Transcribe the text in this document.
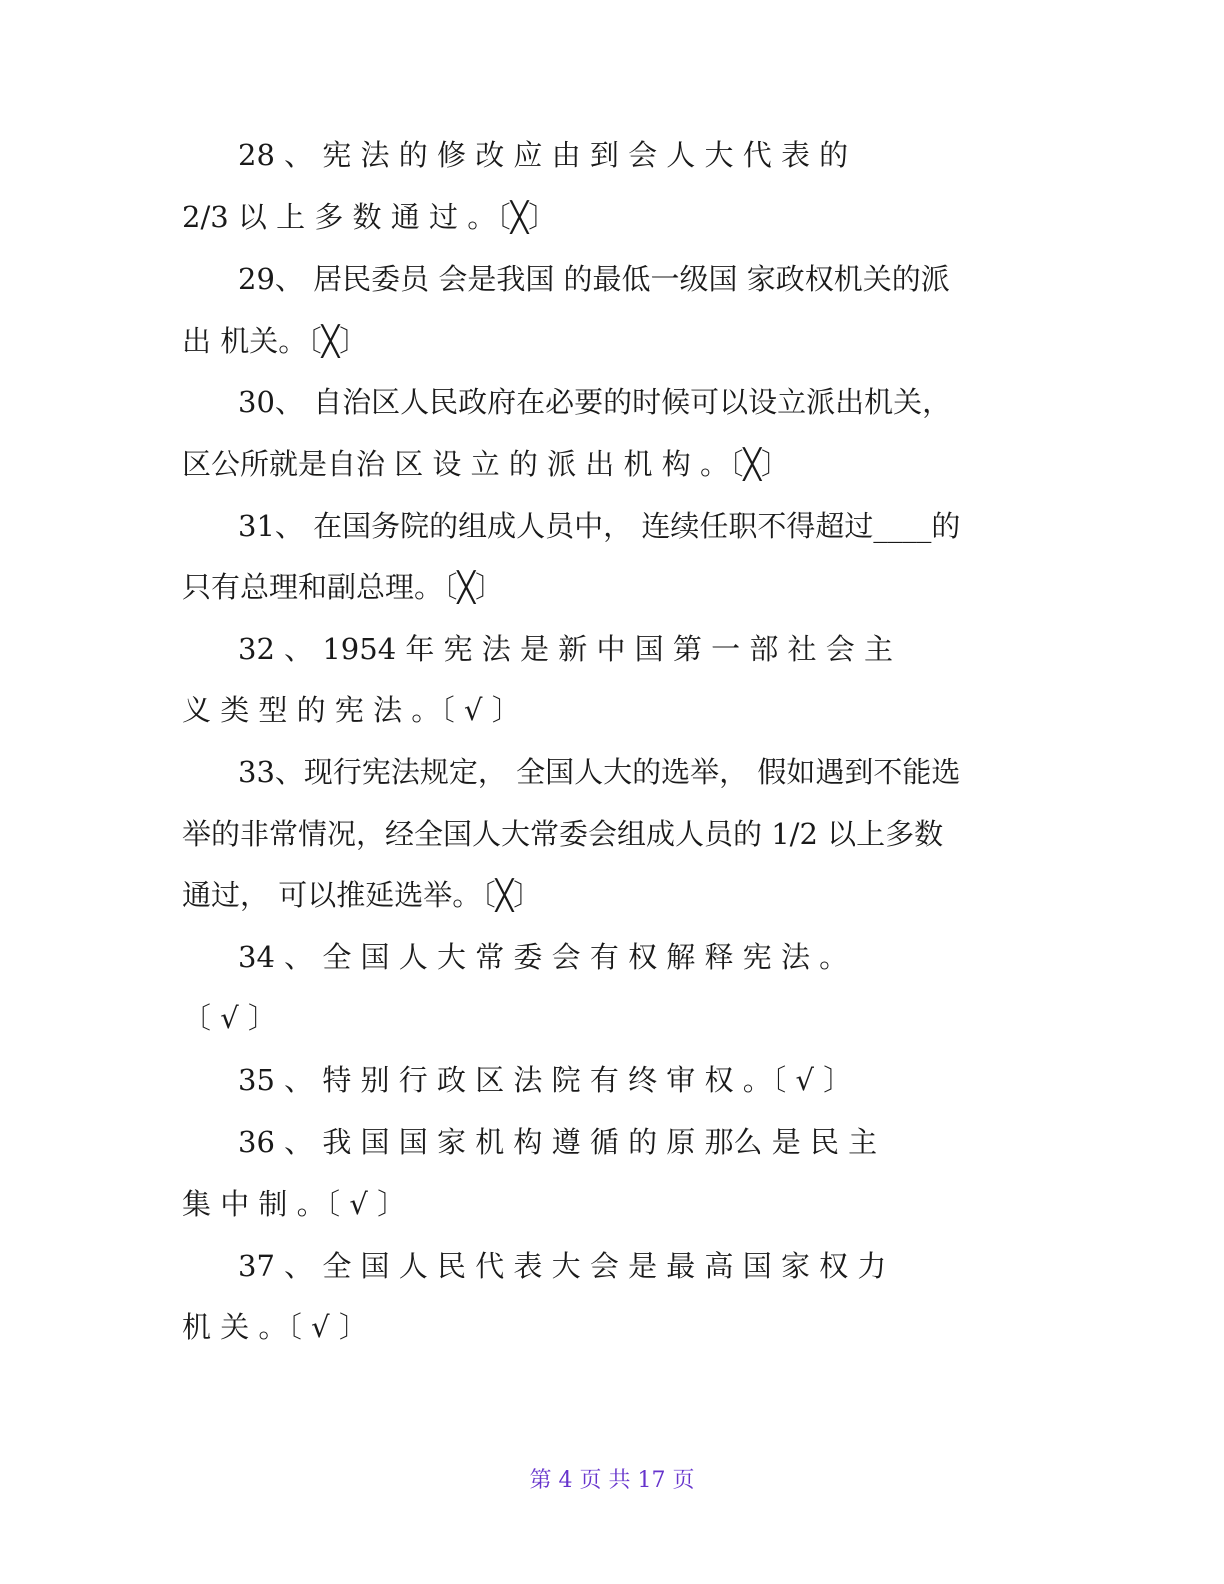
28 、 宪 法 的 修 改 应 由 到 会 人 大 代 表 的
2/3 以 上 多 数 通 过 。〔╳〕
29、 居民委员 会是我国 的最低一级国 家政权机关的派
出 机关。〔╳〕
30、 自治区人民政府在必要的时候可以设立派出机关，
区公所就是自治 区 设 立 的 派 出 机 构 。〔╳〕
31、 在国务院的组成人员中， 连续任职不得超过____的
只有总理和副总理。〔╳〕
32 、 1954 年 宪 法 是 新 中 国 第 一 部 社 会 主
义 类 型 的 宪 法 。〔 √ 〕
33、现行宪法规定， 全国人大的选举， 假如遇到不能选
举的非常情况，经全国人大常委会组成人员的 1/2 以上多数
通过， 可以推延选举。〔╳〕
34 、 全 国 人 大 常 委 会 有 权 解 释 宪 法 。
〔 √ 〕
35 、 特 别 行 政 区 法 院 有 终 审 权 。〔 √ 〕
36 、 我 国 国 家 机 构 遵 循 的 原 那么 是 民 主
集 中 制 。〔 √ 〕
37 、 全 国 人 民 代 表 大 会 是 最 高 国 家 权 力
机 关 。〔 √ 〕
第 4 页 共 17 页
